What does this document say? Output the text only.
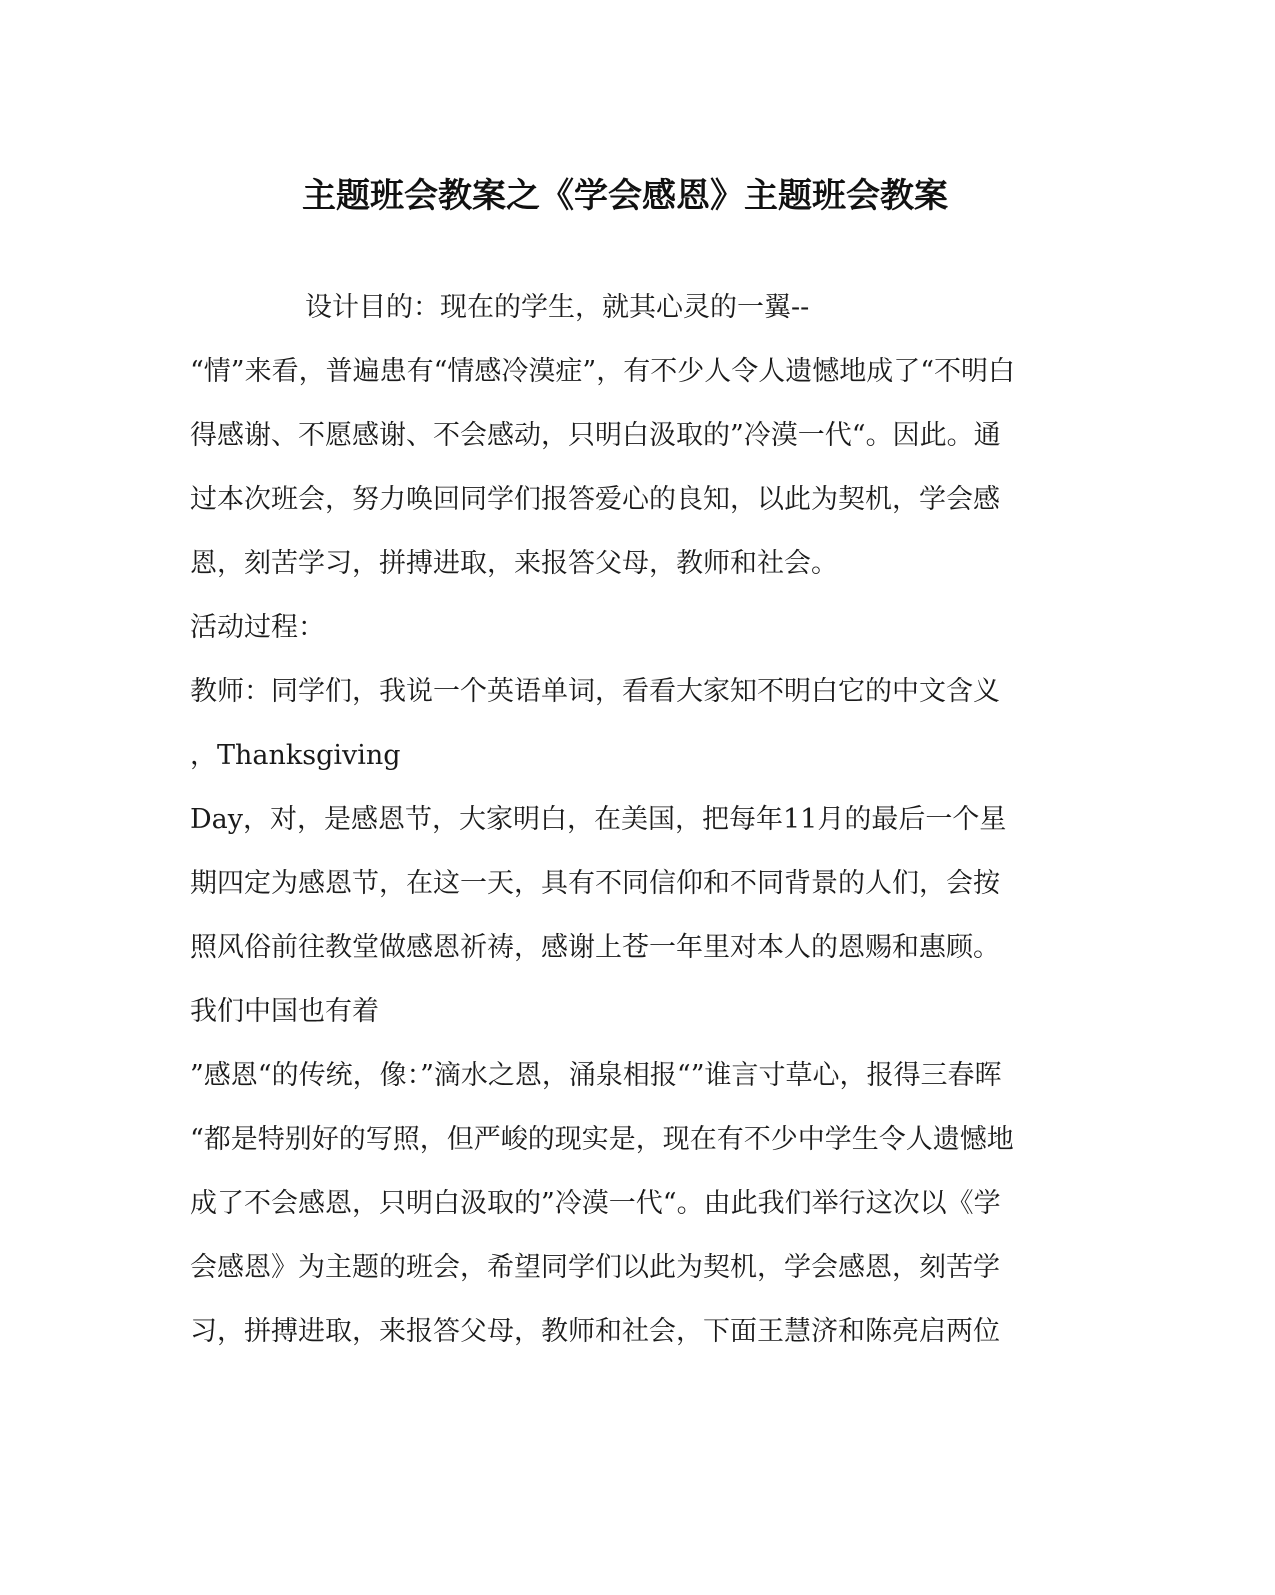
主题班会教案之《学会感恩》主题班会教案
设计目的：现在的学生，就其心灵的一翼--
“情”来看，普遍患有“情感冷漠症”，有不少人令人遗憾地成了“不明白
得感谢、不愿感谢、不会感动，只明白汲取的”冷漠一代“。因此。通
过本次班会，努力唤回同学们报答爱心的良知，以此为契机，学会感
恩，刻苦学习，拼搏进取，来报答父母，教师和社会。
活动过程：
教师：同学们，我说一个英语单词，看看大家知不明白它的中文含义
，Thanksgiving
Day，对，是感恩节，大家明白，在美国，把每年11月的最后一个星
期四定为感恩节，在这一天，具有不同信仰和不同背景的人们，会按
照风俗前往教堂做感恩祈祷，感谢上苍一年里对本人的恩赐和惠顾。
我们中国也有着
”感恩“的传统，像：”滴水之恩，涌泉相报“”谁言寸草心，报得三春晖
“都是特别好的写照，但严峻的现实是，现在有不少中学生令人遗憾地
成了不会感恩，只明白汲取的”冷漠一代“。由此我们举行这次以《学
会感恩》为主题的班会，希望同学们以此为契机，学会感恩，刻苦学
习，拼搏进取，来报答父母，教师和社会，下面王慧济和陈亮启两位
